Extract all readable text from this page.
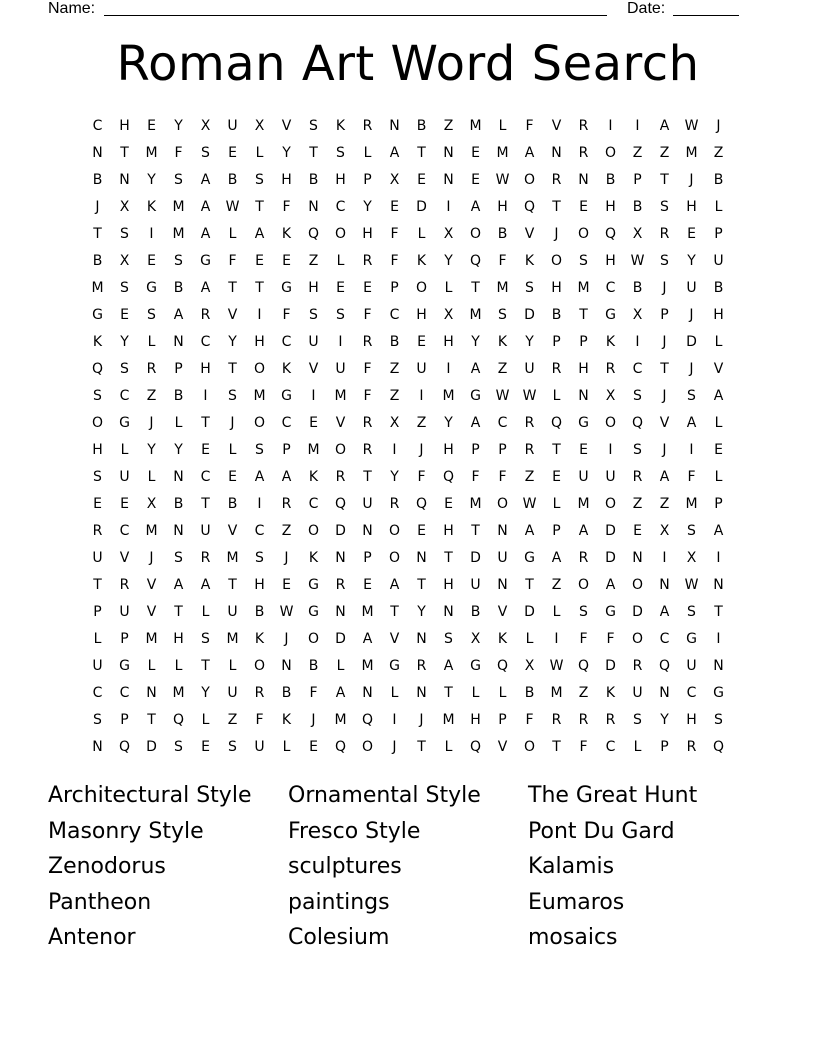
Name:	Date:
Roman Art Word Search
C	H	E	Y	X	U	X	V	S	K	R	N	B	Z	M	L	F	V	R	I	I	A	W	J
N	T	M	F	S	E	L	Y	T	S	L	A	T	N	E	M	A	N	R	O	Z	Z	M	Z
B	N	Y	S	A	B	S	H	B	H	P	X	E	N	E	W	O	R	N	B	P	T	J	B
J	X	K	M	A	W	T	F	N	C	Y	E	D	I	A	H	Q	T	E	H	B	S	H	L
T	S	I	M	A	L	A	K	Q	O	H	F	L	X	O	B	V	J	O	Q	X	R	E	P
B	X	E	S	G	F	E	E	Z	L	R	F	K	Y	Q	F	K	O	S	H	W	S	Y	U
M	S	G	B	A	T	T	G	H	E	E	P	O	L	T	M	S	H	M	C	B	J	U	B
G	E	S	A	R	V	I	F	S	S	F	C	H	X	M	S	D	B	T	G	X	P	J	H
K	Y	L	N	C	Y	H	C	U	I	R	B	E	H	Y	K	Y	P	P	K	I	J	D	L
Q	S	R	P	H	T	O	K	V	U	F	Z	U	I	A	Z	U	R	H	R	C	T	J	V
S	C	Z	B	I	S	M	G	I	M	F	Z	I	M	G	W W	L	N	X	S	J	S	A
O	G	J	L	T	J	O	C	E	V	R	X	Z	Y	A	C	R	Q	G	O	Q	V	A	L
H	L	Y	Y	E	L	S	P	M	O	R	I	J	H	P	P	R	T	E	I	S	J	I	E
S	U	L	N	C	E	A	A	K	R	T	Y	F	Q	F	F	Z	E	U	U	R	A	F	L
E	E	X	B	T	B	I	R	C	Q	U	R	Q	E	M	O	W	L	M	O	Z	Z	M	P
R	C	M	N	U	V	C	Z	O	D	N	O	E	H	T	N	A	P	A	D	E	X	S	A
U	V	J	S	R	M	S	J	K	N	P	O	N	T	D	U	G	A	R	D	N	I	X	I
T	R	V	A	A	T	H	E	G	R	E	A	T	H	U	N	T	Z	O	A	O	N	W	N
P	U	V	T	L	U	B	W	G	N	M	T	Y	N	B	V	D	L	S	G	D	A	S	T
L	P	M	H	S	M	K	J	O	D	A	V	N	S	X	K	L	I	F	F	O	C	G	I
U	G	L	L	T	L	O	N	B	L	M	G	R	A	G	Q	X	W	Q	D	R	Q	U	N
C	C	N	M	Y	U	R	B	F	A	N	L	N	T	L	L	B	M	Z	K	U	N	C	G
S	P	T	Q	L	Z	F	K	J	M	Q	I	J	M	H	P	F	R	R	R	S	Y	H	S
N	Q	D	S	E	S	U	L	E	Q	O	J	T	L	Q	V	O	T	F	C	L	P	R	Q
Architectural Style	Ornamental Style	The Great Hunt
Masonry Style	Fresco Style	Pont Du Gard
Zenodorus	sculptures	Kalamis
Pantheon	paintings	Eumaros
Antenor	Colesium	mosaics
